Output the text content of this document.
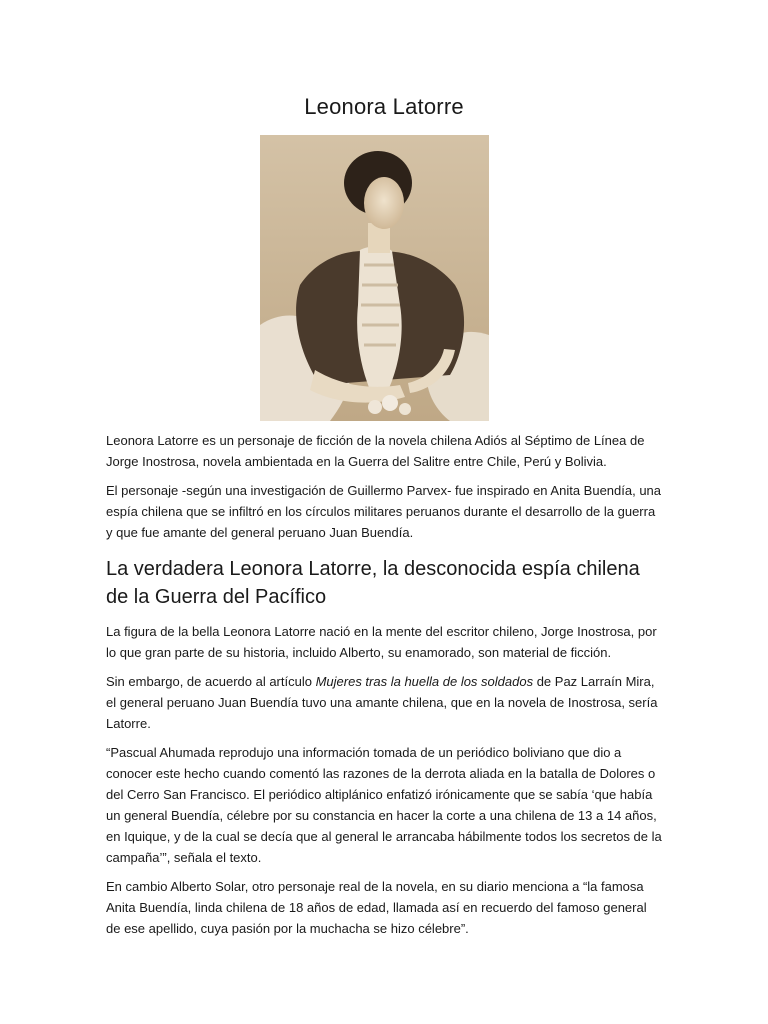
Leonora Latorre

Leonora Latorre es un personaje de ficción de la novela chilena Adiós al Séptimo de Línea de Jorge Inostrosa, novela ambientada en la Guerra del Salitre entre Chile, Perú y Bolivia.

El personaje -según una investigación de Guillermo Parvex- fue inspirado en Anita Buendía, una espía chilena que se infiltró en los círculos militares peruanos durante el desarrollo de la guerra y que fue amante del general peruano Juan Buendía.

La verdadera Leonora Latorre, la desconocida espía chilena de la Guerra del Pacífico

La figura de la bella Leonora Latorre nació en la mente del escritor chileno, Jorge Inostrosa, por lo que gran parte de su historia, incluido Alberto, su enamorado, son material de ficción.

Sin embargo, de acuerdo al artículo Mujeres tras la huella de los soldados de Paz Larraín Mira, el general peruano Juan Buendía tuvo una amante chilena, que en la novela de Inostrosa, sería Latorre.

“Pascual Ahumada reprodujo una información tomada de un periódico boliviano que dio a conocer este hecho cuando comentó las razones de la derrota aliada en la batalla de Dolores o del Cerro San Francisco. El periódico altiplánico enfatizó irónicamente que se sabía ‘que había un general Buendía, célebre por su constancia en hacer la corte a una chilena de 13 a 14 años, en Iquique, y de la cual se decía que al general le arrancaba hábilmente todos los secretos de la campaña’”, señala el texto.

En cambio Alberto Solar, otro personaje real de la novela, en su diario menciona a “la famosa Anita Buendía, linda chilena de 18 años de edad, llamada así en recuerdo del famoso general de ese apellido, cuya pasión por la muchacha se hizo célebre”.
